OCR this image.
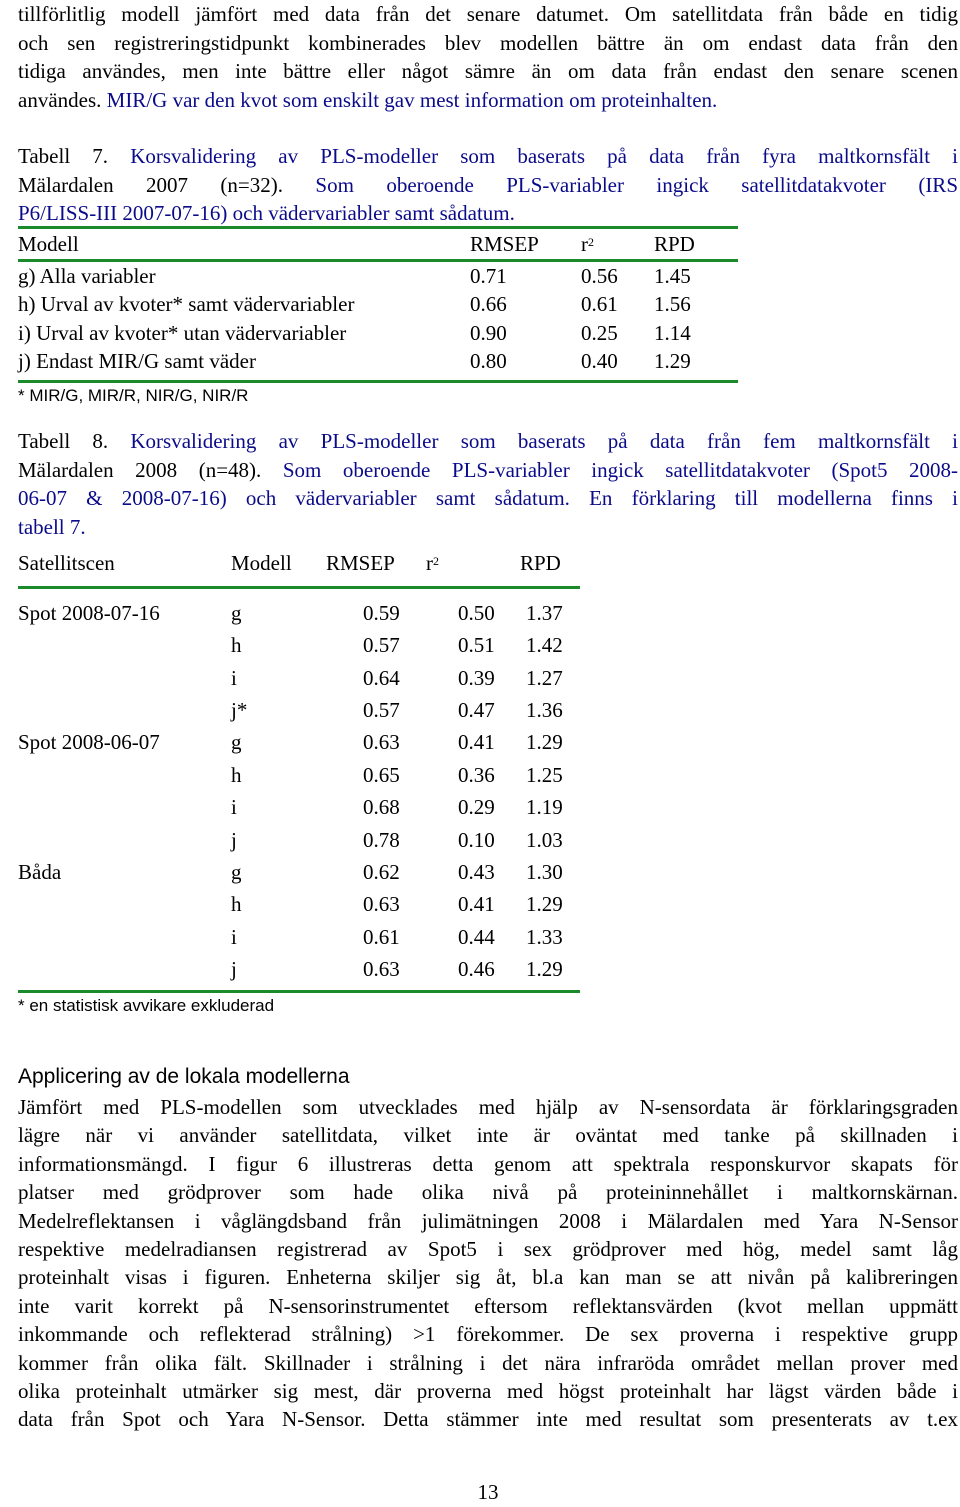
tillförlitlig modell jämfört med data från det senare datumet. Om satellitdata från både en tidig
och sen registreringstidpunkt kombinerades blev modellen bättre än om endast data från den
tidiga användes, men inte bättre eller något sämre än om data från endast den senare scenen
användes. MIR/G var den kvot som enskilt gav mest information om proteinhalten.
Tabell 7. Korsvalidering av PLS-modeller som baserats på data från fyra maltkornsfält i
Mälardalen 2007 (n=32). Som oberoende PLS-variabler ingick satellitdatakvoter (IRS
P6/LISS-III 2007-07-16) och vädervariabler samt sådatum.
Modell	RMSEP	$r^2$	RPD
g) Alla variabler	0.71	0.56	1.45
h) Urval av kvoter* samt vädervariabler	0.66	0.61	1.56
i) Urval av kvoter* utan vädervariabler	0.90	0.25	1.14
j) Endast MIR/G samt väder	0.80	0.40	1.29
* MIR/G, MIR/R, NIR/G, NIR/R
Tabell 8. Korsvalidering av PLS-modeller som baserats på data från fem maltkornsfält i
Mälardalen 2008 (n=48). Som oberoende PLS-variabler ingick satellitdatakvoter (Spot5 2008-
06-07 & 2008-07-16) och vädervariabler samt sådatum. En förklaring till modellerna finns i
tabell 7.
Satellitscen	Modell	RMSEP	$r^2$	RPD
Spot 2008-07-16	g	0.59	0.50	1.37
h	0.57	0.51	1.42
i	0.64	0.39	1.27
j*	0.57	0.47	1.36
Spot 2008-06-07	g	0.63	0.41	1.29
h	0.65	0.36	1.25
i	0.68	0.29	1.19
j	0.78	0.10	1.03
Båda	g	0.62	0.43	1.30
h	0.63	0.41	1.29
i	0.61	0.44	1.33
j	0.63	0.46	1.29
* en statistisk avvikare exkluderad
Applicering av de lokala modellerna
Jämfört med PLS-modellen som utvecklades med hjälp av N-sensordata är förklaringsgraden
lägre när vi använder satellitdata, vilket inte är oväntat med tanke på skillnaden i
informationsmängd. I figur 6 illustreras detta genom att spektrala responskurvor skapats för
platser med grödprover som hade olika nivå på proteininnehållet i maltkornskärnan.
Medelreflektansen i våglängdsband från julimätningen 2008 i Mälardalen med Yara N-Sensor
respektive medelradiansen registrerad av Spot5 i sex grödprover med hög, medel samt låg
proteinhalt visas i figuren. Enheterna skiljer sig åt, bl.a kan man se att nivån på kalibreringen
inte varit korrekt på N-sensorinstrumentet eftersom reflektansvärden (kvot mellan uppmätt
inkommande och reflekterad strålning) >1 förekommer. De sex proverna i respektive grupp
kommer från olika fält. Skillnader i strålning i det nära infraröda området mellan prover med
olika proteinhalt utmärker sig mest, där proverna med högst proteinhalt har lägst värden både i
data från Spot och Yara N-Sensor. Detta stämmer inte med resultat som presenterats av t.ex
13
